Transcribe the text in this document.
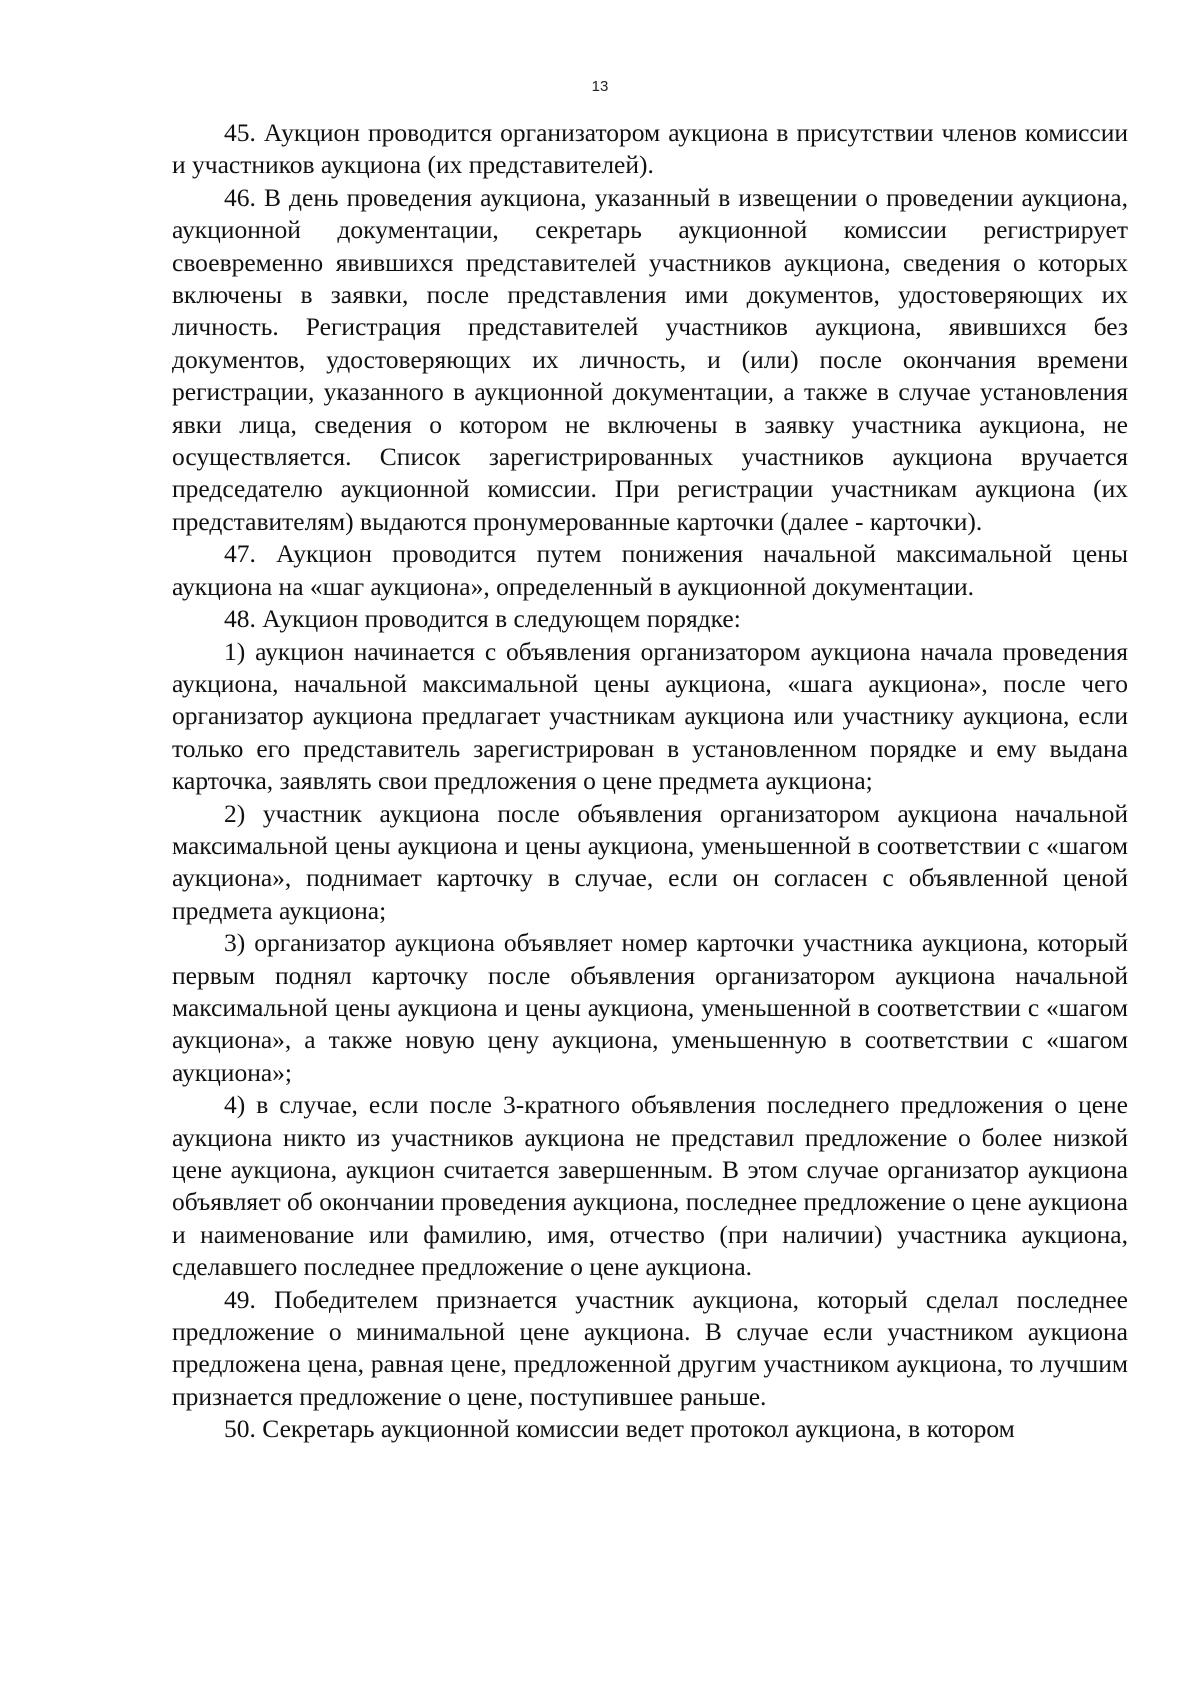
13

45. Аукцион проводится организатором аукциона в присутствии членов комиссии и участников аукциона (их представителей).

46. В день проведения аукциона, указанный в извещении о проведении аукциона, аукционной документации, секретарь аукционной комиссии регистрирует своевременно явившихся представителей участников аукциона, сведения о которых включены в заявки, после представления ими документов, удостоверяющих их личность. Регистрация представителей участников аукциона, явившихся без документов, удостоверяющих их личность, и (или) после окончания времени регистрации, указанного в аукционной документации, а также в случае установления явки лица, сведения о котором не включены в заявку участника аукциона, не осуществляется. Список зарегистрированных участников аукциона вручается председателю аукционной комиссии. При регистрации участникам аукциона (их представителям) выдаются пронумерованные карточки (далее - карточки).

47. Аукцион проводится путем понижения начальной максимальной цены аукциона на «шаг аукциона», определенный в аукционной документации.

48. Аукцион проводится в следующем порядке:

1) аукцион начинается с объявления организатором аукциона начала проведения аукциона, начальной максимальной цены аукциона, «шага аукциона», после чего организатор аукциона предлагает участникам аукциона или участнику аукциона, если только его представитель зарегистрирован в установленном порядке и ему выдана карточка, заявлять свои предложения о цене предмета аукциона;

2) участник аукциона после объявления организатором аукциона начальной максимальной цены аукциона и цены аукциона, уменьшенной в соответствии с «шагом аукциона», поднимает карточку в случае, если он согласен с объявленной ценой предмета аукциона;

3) организатор аукциона объявляет номер карточки участника аукциона, который первым поднял карточку после объявления организатором аукциона начальной максимальной цены аукциона и цены аукциона, уменьшенной в соответствии с «шагом аукциона», а также новую цену аукциона, уменьшенную в соответствии с «шагом аукциона»;

4) в случае, если после 3-кратного объявления последнего предложения о цене аукциона никто из участников аукциона не представил предложение о более низкой цене аукциона, аукцион считается завершенным. В этом случае организатор аукциона объявляет об окончании проведения аукциона, последнее предложение о цене аукциона и наименование или фамилию, имя, отчество (при наличии) участника аукциона, сделавшего последнее предложение о цене аукциона.

49. Победителем признается участник аукциона, который сделал последнее предложение о минимальной цене аукциона. В случае если участником аукциона предложена цена, равная цене, предложенной другим участником аукциона, то лучшим признается предложение о цене, поступившее раньше.

50. Секретарь аукционной комиссии ведет протокол аукциона, в котором
